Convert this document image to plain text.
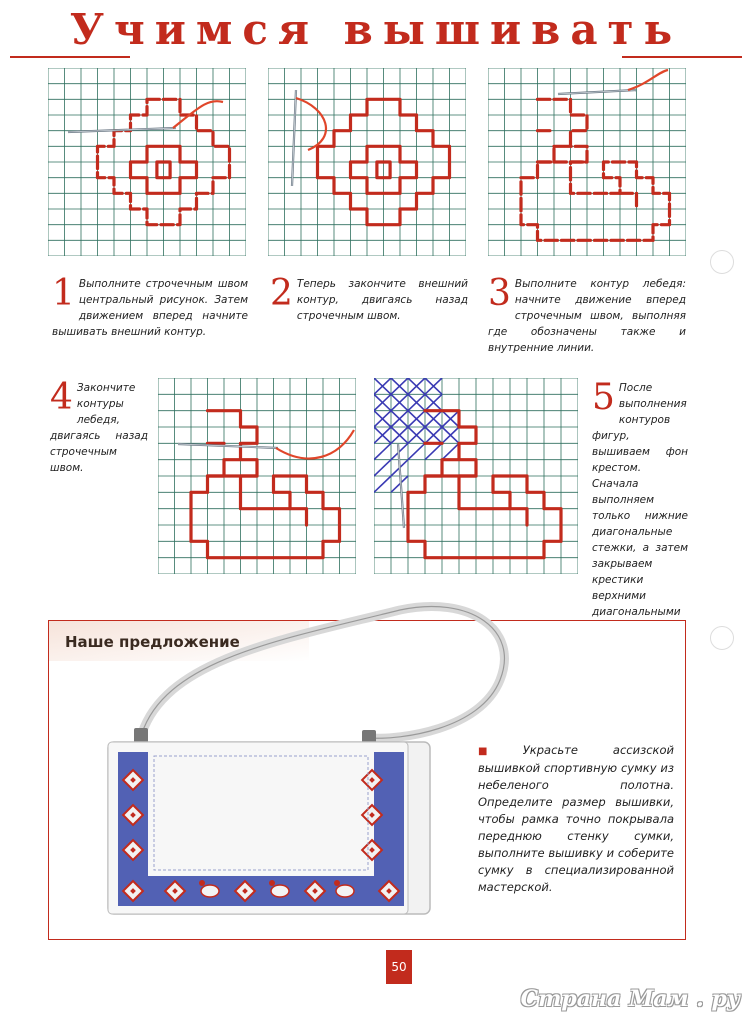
Учимся вышивать
1 Выполните строчечным швом центральный рисунок. Затем движением вперед начните вышивать внешний контур.
2 Теперь закончите внешний контур, двигаясь назад строчечным швом.
3 Выполните контур лебедя: начните движение вперед строчечным швом, выполняя где обозначены также и внутренние линии.
4 Закончите контуры лебедя, двигаясь назад строчечным швом.
5 После выполнения контуров фигур, вышиваем фон крестом. Сначала выполняем только нижние диагональные стежки, а затем закрываем крестики верхними диагональными
Наше предложение
■ Украсьте ассизской вышивкой спортивную сумку из небеленого полотна. Определите размер вышивки, чтобы рамка точно покрывала переднюю стенку сумки, выполните вышивку и соберите сумку в специализированной мастерской.
50
Страна Мам . ру
